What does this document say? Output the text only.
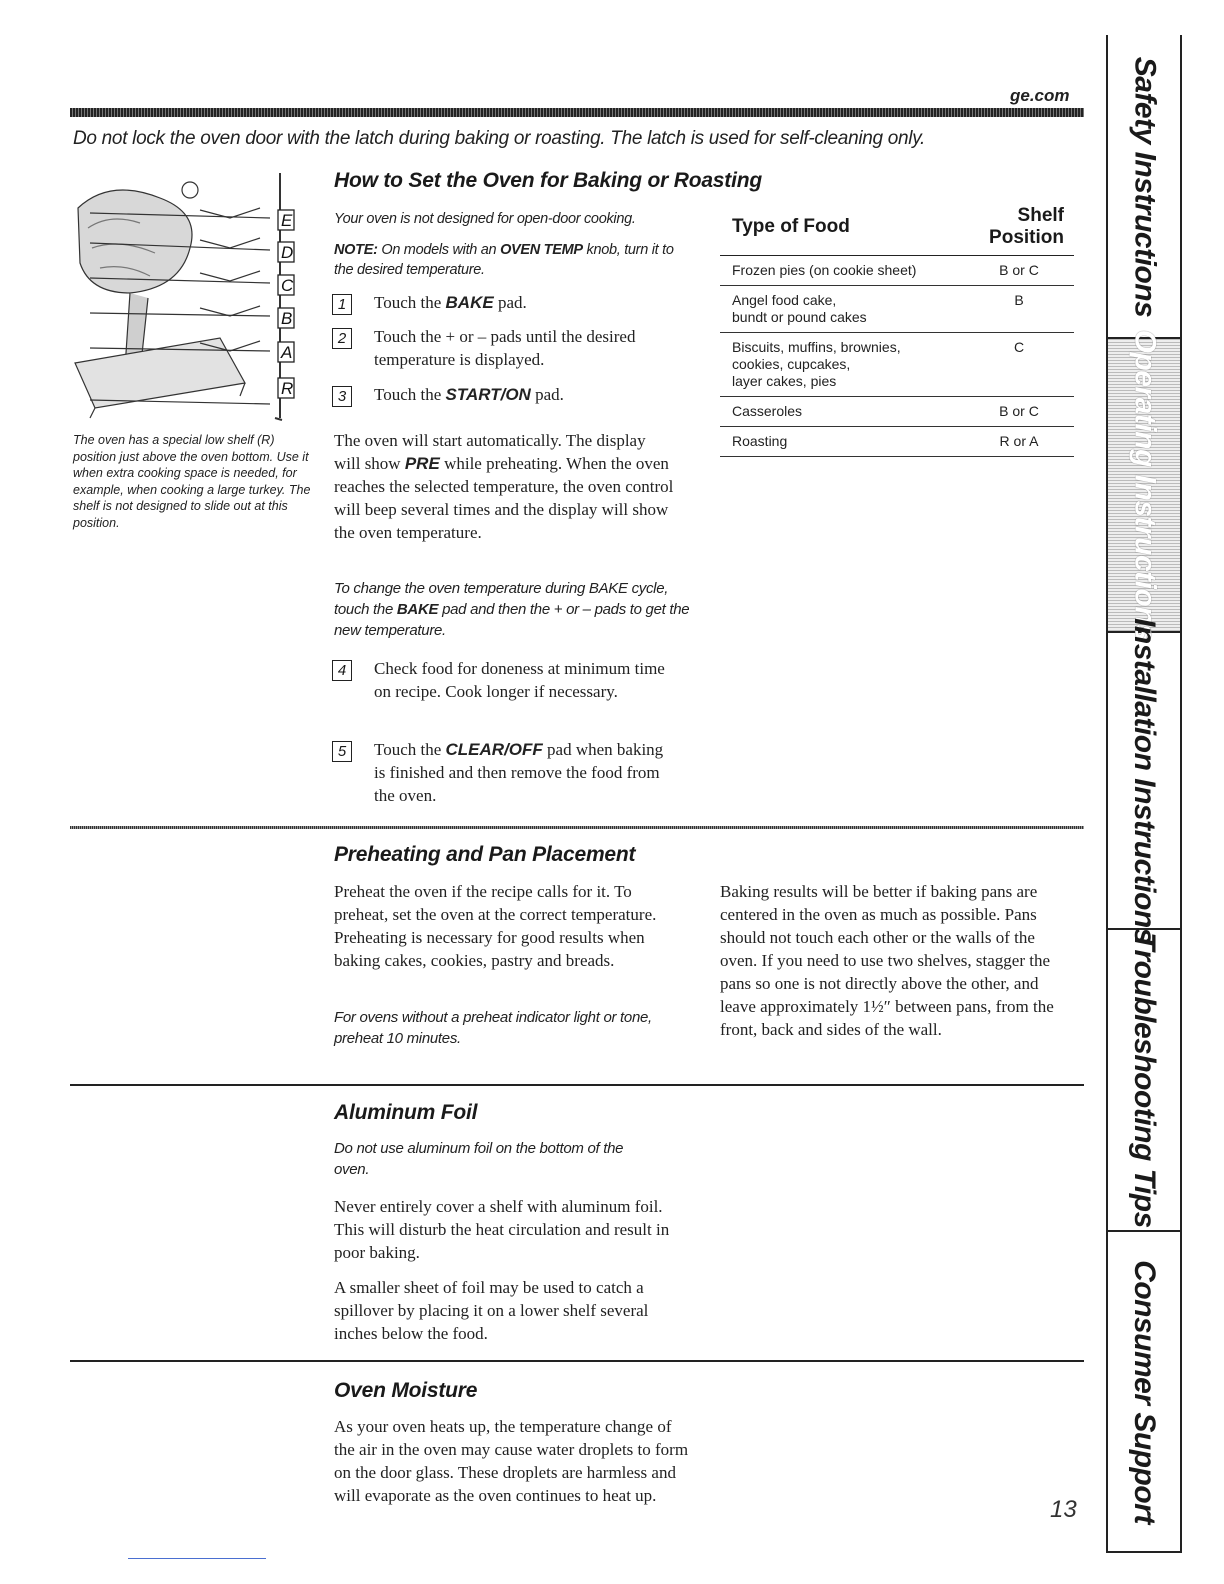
ge.com
Do not lock the oven door with the latch during baking or roasting. The latch is used for self-cleaning only.
E
D
C
B
A
R
The oven has a special low shelf (R) position just above the oven bottom. Use it when extra cooking space is needed, for example, when cooking a large turkey. The shelf is not designed to slide out at this position.
How to Set the Oven for Baking or Roasting
Your oven is not designed for open-door cooking.
NOTE: On models with an OVEN TEMP knob, turn it to the desired temperature.
1	Touch the BAKE pad.
2	Touch the + or – pads until the desired temperature is displayed.
3	Touch the START/ON pad.
The oven will start automatically. The display will show PRE while preheating. When the oven reaches the selected temperature, the oven control will beep several times and the display will show the oven temperature.
To change the oven temperature during BAKE cycle, touch the BAKE pad and then the + or – pads to get the new temperature.
4	Check food for doneness at minimum time on recipe. Cook longer if necessary.
5	Touch the CLEAR/OFF pad when baking is finished and then remove the food from the oven.
Type of Food	Shelf Position
Frozen pies (on cookie sheet)	B or C
Angel food cake,
bundt or pound cakes	B
Biscuits, muffins, brownies,
cookies, cupcakes,
layer cakes, pies	C
Casseroles	B or C
Roasting	R or A
Preheating and Pan Placement
Preheat the oven if the recipe calls for it. To preheat, set the oven at the correct temperature. Preheating is necessary for good results when baking cakes, cookies, pastry and breads.
For ovens without a preheat indicator light or tone, preheat 10 minutes.
Baking results will be better if baking pans are centered in the oven as much as possible. Pans should not touch each other or the walls of the oven. If you need to use two shelves, stagger the pans so one is not directly above the other, and leave approximately 1½″ between pans, from the front, back and sides of the wall.
Aluminum Foil
Do not use aluminum foil on the bottom of the oven.
Never entirely cover a shelf with aluminum foil. This will disturb the heat circulation and result in poor baking.
A smaller sheet of foil may be used to catch a spillover by placing it on a lower shelf several inches below the food.
Oven Moisture
As your oven heats up, the temperature change of the air in the oven may cause water droplets to form on the door glass. These droplets are harmless and will evaporate as the oven continues to heat up.
Safety Instructions
Operating Instructions
Installation Instructions
Troubleshooting Tips
Consumer Support
13
